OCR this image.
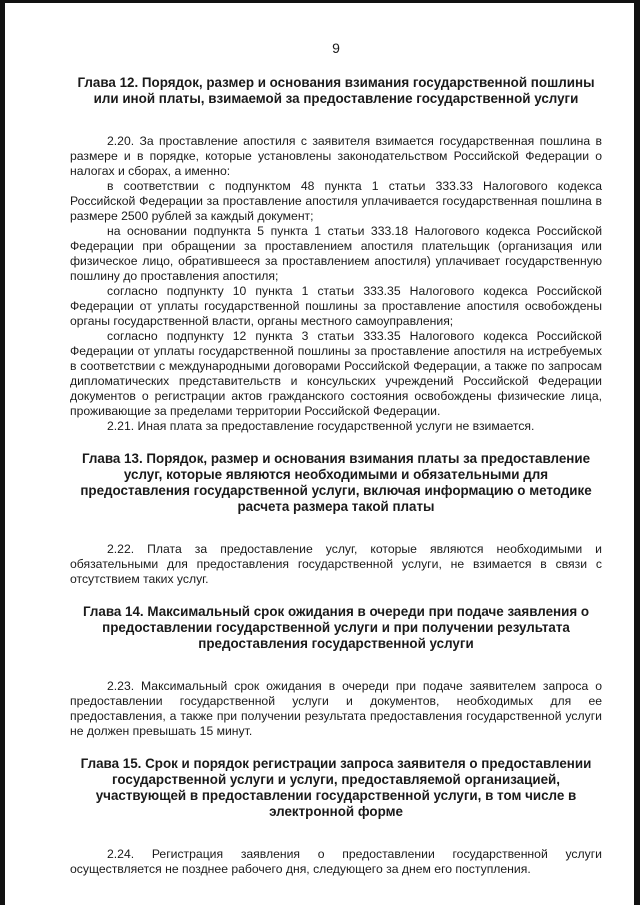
9
Глава 12. Порядок, размер и основания взимания государственной пошлины или иной платы, взимаемой за предоставление государственной услуги

2.20. За проставление апостиля с заявителя взимается государственная пошлина в размере и в порядке, которые установлены законодательством Российской Федерации о налогах и сборах, а именно:

в соответствии с подпунктом 48 пункта 1 статьи 333.33 Налогового кодекса Российской Федерации за проставление апостиля уплачивается государственная пошлина в размере 2500 рублей за каждый документ;

на основании подпункта 5 пункта 1 статьи 333.18 Налогового кодекса Российской Федерации при обращении за проставлением апостиля плательщик (организация или физическое лицо, обратившееся за проставлением апостиля) уплачивает государственную пошлину до проставления апостиля;

согласно подпункту 10 пункта 1 статьи 333.35 Налогового кодекса Российской Федерации от уплаты государственной пошлины за проставление апостиля освобождены органы государственной власти, органы местного самоуправления;

согласно подпункту 12 пункта 3 статьи 333.35 Налогового кодекса Российской Федерации от уплаты государственной пошлины за проставление апостиля на истребуемых в соответствии с международными договорами Российской Федерации, а также по запросам дипломатических представительств и консульских учреждений Российской Федерации документов о регистрации актов гражданского состояния освобождены физические лица, проживающие за пределами территории Российской Федерации.

2.21. Иная плата за предоставление государственной услуги не взимается.

Глава 13. Порядок, размер и основания взимания платы за предоставление услуг, которые являются необходимыми и обязательными для предоставления государственной услуги, включая информацию о методике расчета размера такой платы

2.22. Плата за предоставление услуг, которые являются необходимыми и обязательными для предоставления государственной услуги, не взимается в связи с отсутствием таких услуг.

Глава 14. Максимальный срок ожидания в очереди при подаче заявления о предоставлении государственной услуги и при получении результата предоставления государственной услуги

2.23. Максимальный срок ожидания в очереди при подаче заявителем запроса о предоставлении государственной услуги и документов, необходимых для ее предоставления, а также при получении результата предоставления государственной услуги не должен превышать 15 минут.

Глава 15. Срок и порядок регистрации запроса заявителя о предоставлении государственной услуги и услуги, предоставляемой организацией, участвующей в предоставлении государственной услуги, в том числе в электронной форме

2.24. Регистрация заявления о предоставлении государственной услуги осуществляется не позднее рабочего дня, следующего за днем его поступления.
